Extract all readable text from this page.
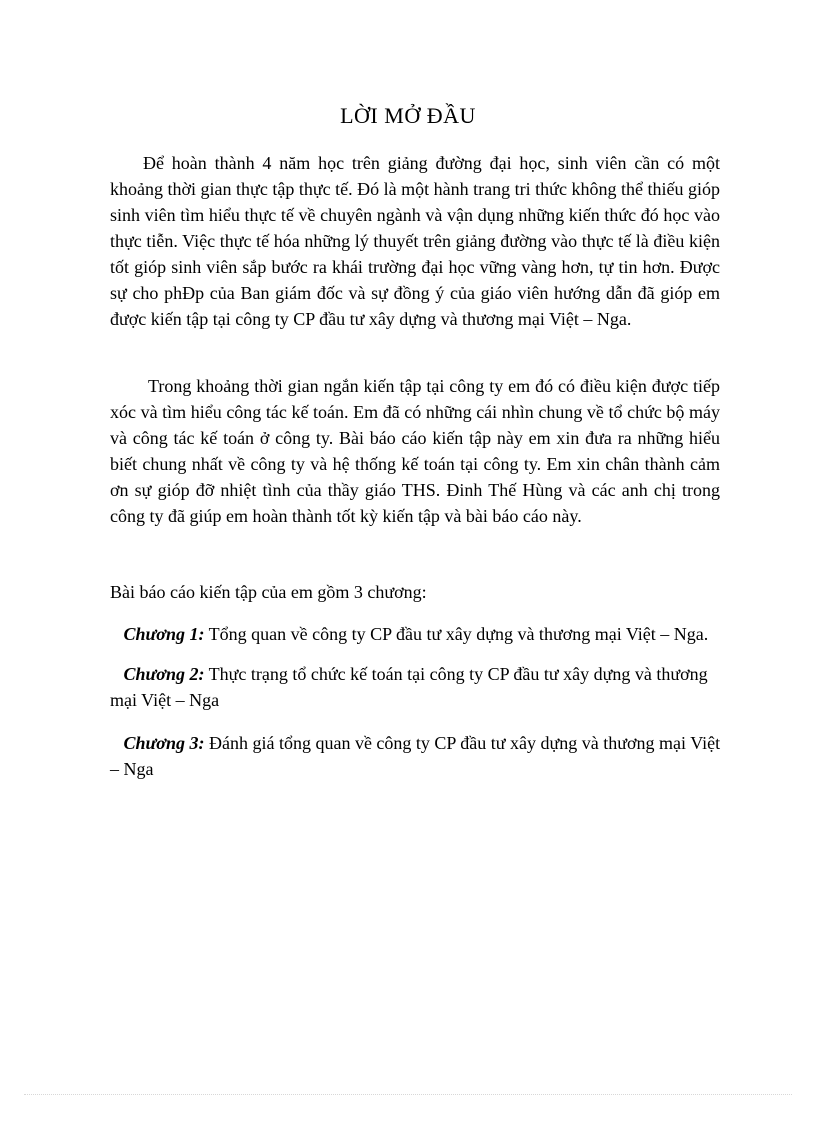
LỜI MỞ ĐẦU

Để hoàn thành 4 năm học trên giảng đường đại học, sinh viên cần có một khoảng thời gian thực tập thực tế. Đó là một hành trang tri thức không thể thiếu gióp sinh viên tìm hiểu thực tế về chuyên ngành và vận dụng những kiến thức đó học vào thực tiễn. Việc thực tế hóa những lý thuyết trên giảng đường vào thực tế là điều kiện tốt gióp sinh viên sắp bước ra khái trường đại học vững vàng hơn, tự tin hơn. Được sự cho phĐp của Ban giám đốc và sự đồng ý của giáo viên hướng dẫn đã gióp em được kiến tập tại công ty CP đầu tư xây dựng và thương mại Việt – Nga.

Trong khoảng thời gian ngắn kiến tập tại công ty em đó có điều kiện được tiếp xóc và tìm hiểu công tác kế toán. Em đã có những cái nhìn chung về tổ chức bộ máy và công tác kế toán ở công ty. Bài báo cáo kiến tập này em xin đưa ra những hiểu biết chung nhất về công ty và hệ thống kế toán tại công ty. Em xin chân thành cảm ơn sự gióp đỡ nhiệt tình của thầy giáo THS. Đinh Thế Hùng và các anh chị trong công ty đã giúp em hoàn thành tốt kỳ kiến tập và bài báo cáo này.

Bài báo cáo kiến tập của em gồm 3 chương:

Chương 1: Tổng quan về công ty CP đầu tư xây dựng và thương mại Việt – Nga.

Chương 2: Thực trạng tổ chức kế toán tại công ty CP đầu tư xây dựng và thương mại Việt – Nga

Chương 3: Đánh giá tổng quan về công ty CP đầu tư xây dựng và thương mại Việt – Nga
